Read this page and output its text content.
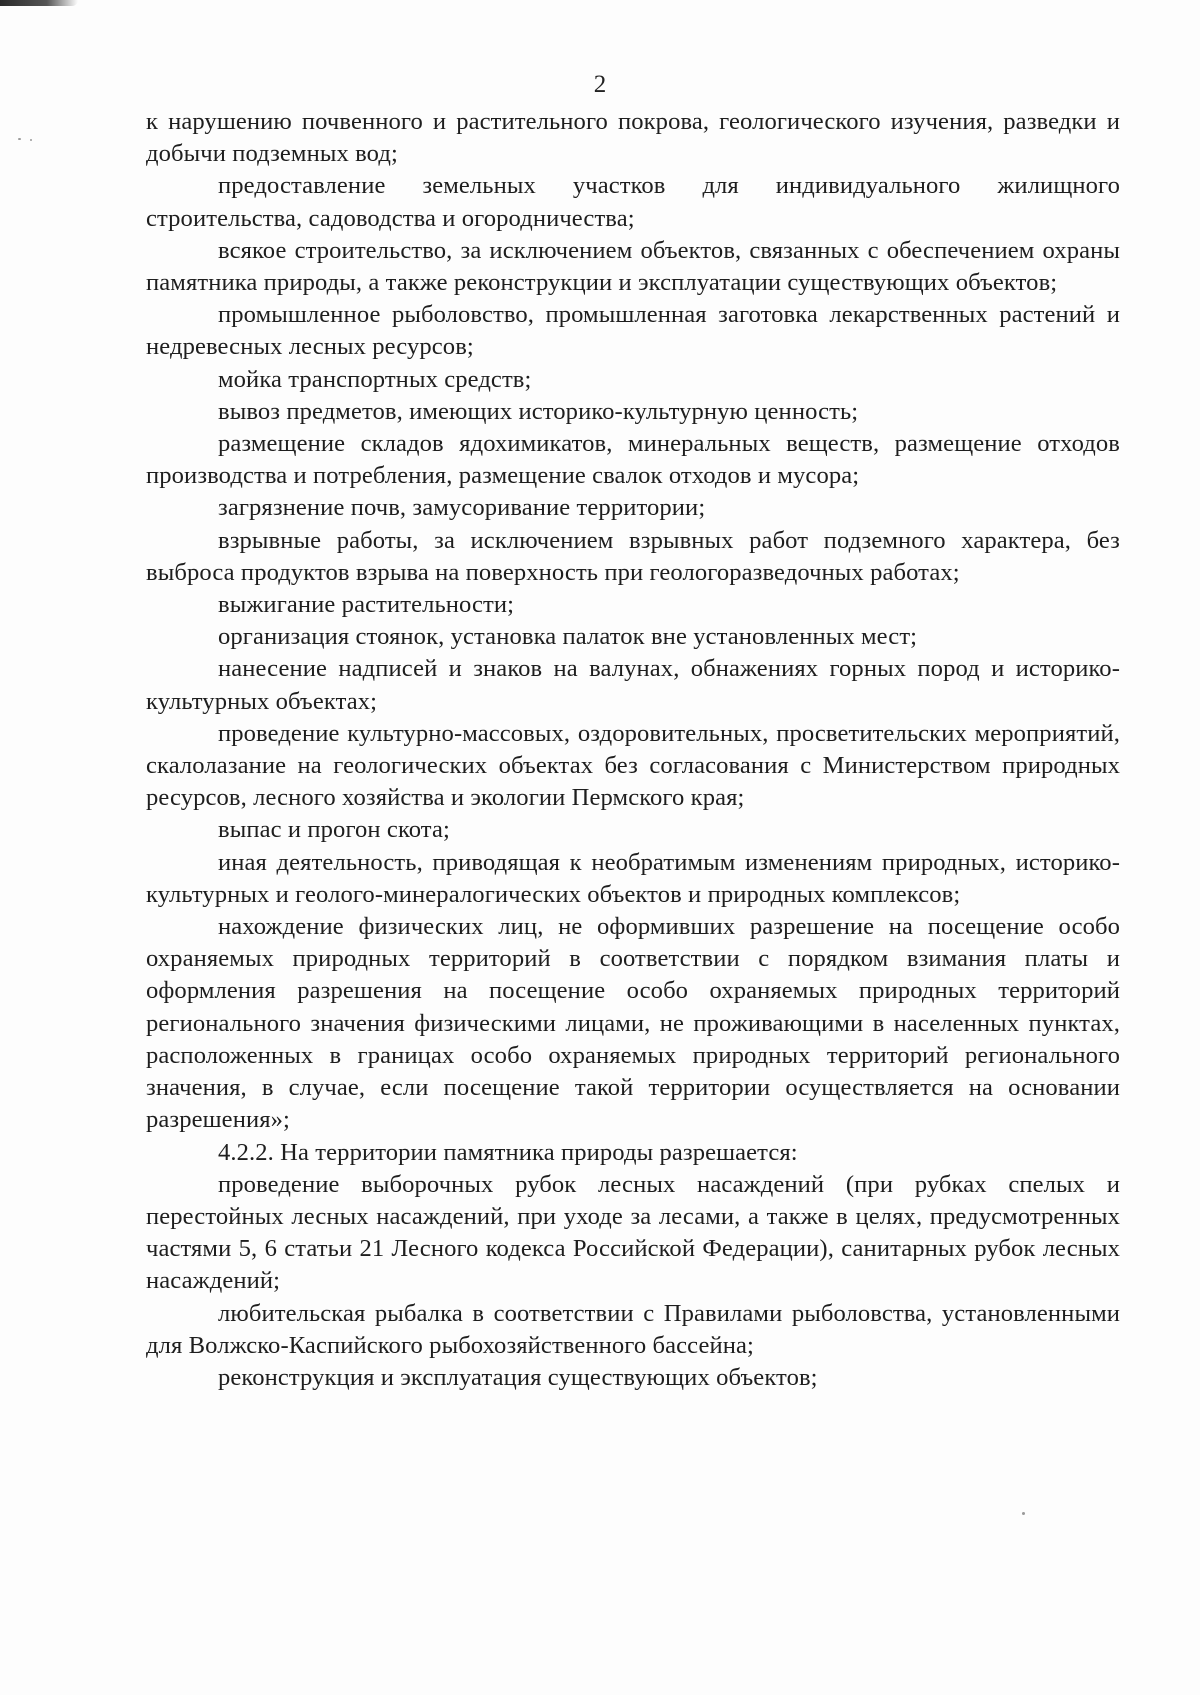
2

к нарушению почвенного и растительного покрова, геологического изучения, разведки и добычи подземных вод;

предоставление земельных участков для индивидуального жилищного строительства, садоводства и огородничества;

всякое строительство, за исключением объектов, связанных с обеспечением охраны памятника природы, а также реконструкции и эксплуатации существующих объектов;

промышленное рыболовство, промышленная заготовка лекарственных растений и недревесных лесных ресурсов;

мойка транспортных средств;

вывоз предметов, имеющих историко-культурную ценность;

размещение складов ядохимикатов, минеральных веществ, размещение отходов производства и потребления, размещение свалок отходов и мусора;

загрязнение почв, замусоривание территории;

взрывные работы, за исключением взрывных работ подземного характера, без выброса продуктов взрыва на поверхность при геологоразведочных работах;

выжигание растительности;

организация стоянок, установка палаток вне установленных мест;

нанесение надписей и знаков на валунах, обнажениях горных пород и историко-культурных объектах;

проведение культурно-массовых, оздоровительных, просветительских мероприятий, скалолазание на геологических объектах без согласования с Министерством природных ресурсов, лесного хозяйства и экологии Пермского края;

выпас и прогон скота;

иная деятельность, приводящая к необратимым изменениям природных, историко-культурных и геолого-минералогических объектов и природных комплексов;

нахождение физических лиц, не оформивших разрешение на посещение особо охраняемых природных территорий в соответствии с порядком взимания платы и оформления разрешения на посещение особо охраняемых природных территорий регионального значения физическими лицами, не проживающими в населенных пунктах, расположенных в границах особо охраняемых природных территорий регионального значения, в случае, если посещение такой территории осуществляется на основании разрешения»;

4.2.2. На территории памятника природы разрешается:

проведение выборочных рубок лесных насаждений (при рубках спелых и перестойных лесных насаждений, при уходе за лесами, а также в целях, предусмотренных частями 5, 6 статьи 21 Лесного кодекса Российской Федерации), санитарных рубок лесных насаждений;

любительская рыбалка в соответствии с Правилами рыболовства, установленными для Волжско-Каспийского рыбохозяйственного бассейна;

реконструкция и эксплуатация существующих объектов;
